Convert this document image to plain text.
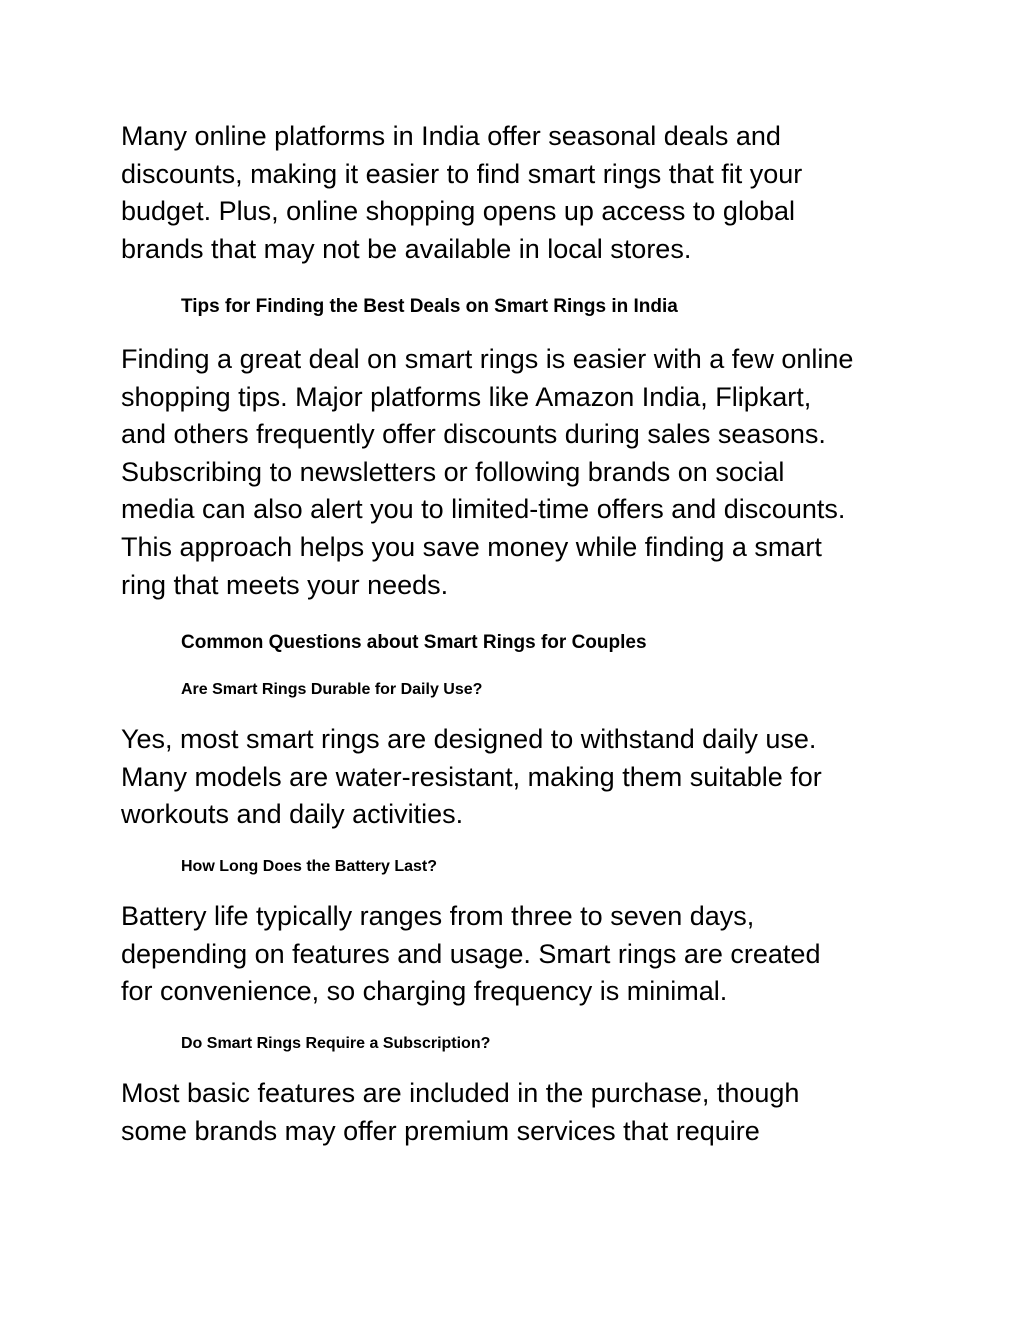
Many online platforms in India offer seasonal deals and
discounts, making it easier to find smart rings that fit your
budget. Plus, online shopping opens up access to global
brands that may not be available in local stores.

Tips for Finding the Best Deals on Smart Rings in India

Finding a great deal on smart rings is easier with a few online
shopping tips. Major platforms like Amazon India, Flipkart,
and others frequently offer discounts during sales seasons.
Subscribing to newsletters or following brands on social
media can also alert you to limited-time offers and discounts.
This approach helps you save money while finding a smart
ring that meets your needs.

Common Questions about Smart Rings for Couples
Are Smart Rings Durable for Daily Use?

Yes, most smart rings are designed to withstand daily use.
Many models are water-resistant, making them suitable for
workouts and daily activities.

How Long Does the Battery Last?

Battery life typically ranges from three to seven days,
depending on features and usage. Smart rings are created
for convenience, so charging frequency is minimal.

Do Smart Rings Require a Subscription?

Most basic features are included in the purchase, though
some brands may offer premium services that require
